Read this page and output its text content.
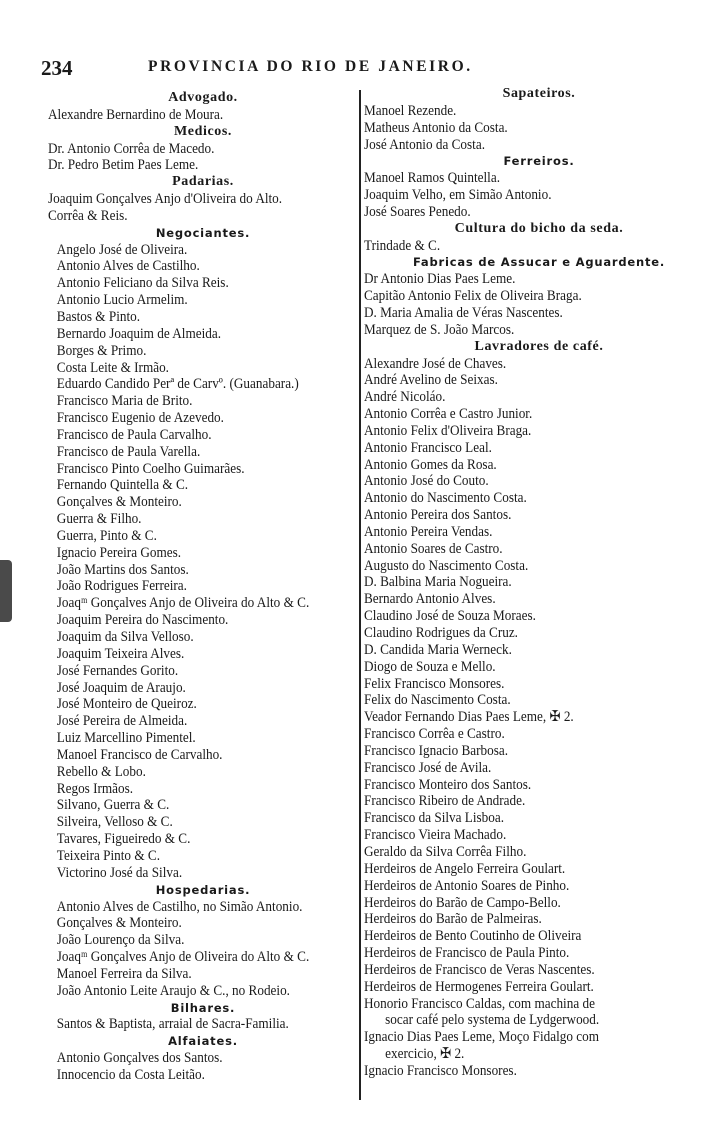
234	PROVINCIA DO RIO DE JANEIRO.
Advogado.
Alexandre Bernardino de Moura.
Medicos.
Dr. Antonio Corrêa de Macedo.
Dr. Pedro Betim Paes Leme.
Padarias.
Joaquim Gonçalves Anjo d'Oliveira do Alto.
Corrêa & Reis.
Negociantes.
Angelo José de Oliveira.
Antonio Alves de Castilho.
Antonio Feliciano da Silva Reis.
Antonio Lucio Armelim.
Bastos & Pinto.
Bernardo Joaquim de Almeida.
Borges & Primo.
Costa Leite & Irmão.
Eduardo Candido Perª de Carvº. (Guanabara.)
Francisco Maria de Brito.
Francisco Eugenio de Azevedo.
Francisco de Paula Carvalho.
Francisco de Paula Varella.
Francisco Pinto Coelho Guimarães.
Fernando Quintella & C.
Gonçalves & Monteiro.
Guerra & Filho.
Guerra, Pinto & C.
Ignacio Pereira Gomes.
João Martins dos Santos.
João Rodrigues Ferreira.
Joaqᵐ Gonçalves Anjo de Oliveira do Alto & C.
Joaquim Pereira do Nascimento.
Joaquim da Silva Velloso.
Joaquim Teixeira Alves.
José Fernandes Gorito.
José Joaquim de Araujo.
José Monteiro de Queiroz.
José Pereira de Almeida.
Luiz Marcellino Pimentel.
Manoel Francisco de Carvalho.
Rebello & Lobo.
Regos Irmãos.
Silvano, Guerra & C.
Silveira, Velloso & C.
Tavares, Figueiredo & C.
Teixeira Pinto & C.
Victorino José da Silva.
Hospedarias.
Antonio Alves de Castilho, no Simão Antonio.
Gonçalves & Monteiro.
João Lourenço da Silva.
Joaqᵐ Gonçalves Anjo de Oliveira do Alto & C.
Manoel Ferreira da Silva.
João Antonio Leite Araujo & C., no Rodeio.
Bilhares.
Santos & Baptista, arraial de Sacra-Familia.
Alfaiates.
Antonio Gonçalves dos Santos.
Innocencio da Costa Leitão.
Sapateiros.
Manoel Rezende.
Matheus Antonio da Costa.
José Antonio da Costa.
Ferreiros.
Manoel Ramos Quintella.
Joaquim Velho, em Simão Antonio.
José Soares Penedo.
Cultura do bicho da seda.
Trindade & C.
Fabricas de Assucar e Aguardente.
Dr Antonio Dias Paes Leme.
Capitão Antonio Felix de Oliveira Braga.
D. Maria Amalia de Véras Nascentes.
Marquez de S. João Marcos.
Lavradores de café.
Alexandre José de Chaves.
André Avelino de Seixas.
André Nicoláo.
Antonio Corrêa e Castro Junior.
Antonio Felix d'Oliveira Braga.
Antonio Francisco Leal.
Antonio Gomes da Rosa.
Antonio José do Couto.
Antonio do Nascimento Costa.
Antonio Pereira dos Santos.
Antonio Pereira Vendas.
Antonio Soares de Castro.
Augusto do Nascimento Costa.
D. Balbina Maria Nogueira.
Bernardo Antonio Alves.
Claudino José de Souza Moraes.
Claudino Rodrigues da Cruz.
D. Candida Maria Werneck.
Diogo de Souza e Mello.
Felix Francisco Monsores.
Felix do Nascimento Costa.
Veador Fernando Dias Paes Leme, ✠ 2.
Francisco Corrêa e Castro.
Francisco Ignacio Barbosa.
Francisco José de Avila.
Francisco Monteiro dos Santos.
Francisco Ribeiro de Andrade.
Francisco da Silva Lisboa.
Francisco Vieira Machado.
Geraldo da Silva Corrêa Filho.
Herdeiros de Angelo Ferreira Goulart.
Herdeiros de Antonio Soares de Pinho.
Herdeiros do Barão de Campo-Bello.
Herdeiros do Barão de Palmeiras.
Herdeiros de Bento Coutinho de Oliveira
Herdeiros de Francisco de Paula Pinto.
Herdeiros de Francisco de Veras Nascentes.
Herdeiros de Hermogenes Ferreira Goulart.
Honorio Francisco Caldas, com machina de
socar café pelo systema de Lydgerwood.
Ignacio Dias Paes Leme, Moço Fidalgo com
exercicio, ✠ 2.
Ignacio Francisco Monsores.
